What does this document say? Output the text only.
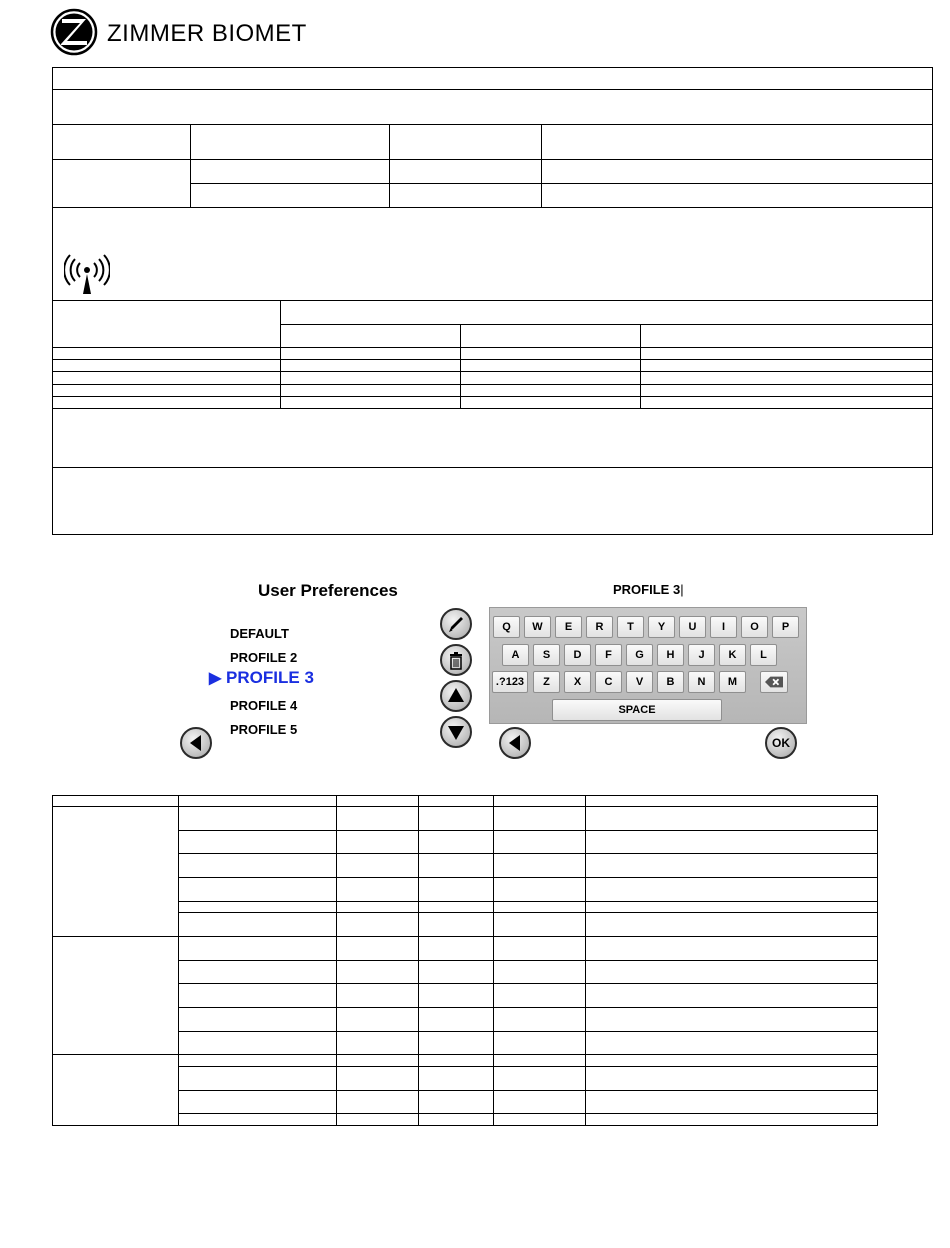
ZIMMER BIOMET
User Preferences
DEFAULT
PROFILE 2
▶ PROFILE 3
PROFILE 4
PROFILE 5
PROFILE 3|
Q	W	E	R	T	Y	U	I	O	P
A	S	D	F	G	H	J	K	L
.?123	Z	X	C	V	B	N	M
SPACE
OK
